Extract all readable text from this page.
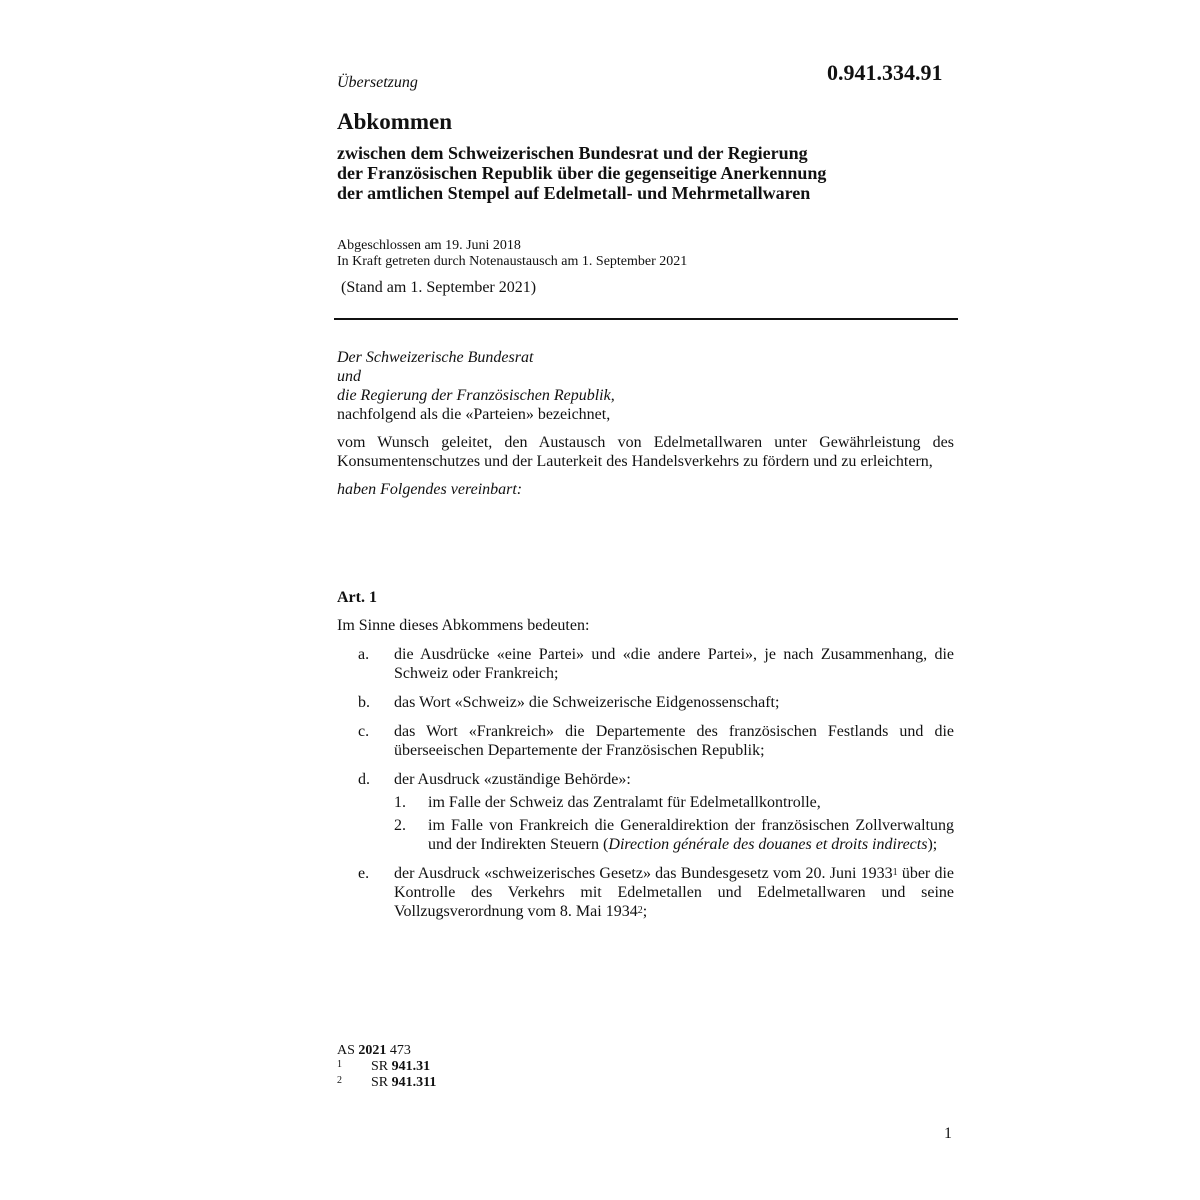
Übersetzung	0.941.334.91
Abkommen
zwischen dem Schweizerischen Bundesrat und der Regierung
der Französischen Republik über die gegenseitige Anerkennung
der amtlichen Stempel auf Edelmetall- und Mehrmetallwaren
Abgeschlossen am 19. Juni 2018
In Kraft getreten durch Notenaustausch am 1. September 2021
(Stand am 1. September 2021)
Der Schweizerische Bundesrat
und
die Regierung der Französischen Republik,
nachfolgend als die «Parteien» bezeichnet,
vom Wunsch geleitet, den Austausch von Edelmetallwaren unter Gewährleistung des Konsumentenschutzes und der Lauterkeit des Handelsverkehrs zu fördern und zu erleichtern,
haben Folgendes vereinbart:
Art. 1
Im Sinne dieses Abkommens bedeuten:
a. die Ausdrücke «eine Partei» und «die andere Partei», je nach Zusammenhang, die Schweiz oder Frankreich;
b. das Wort «Schweiz» die Schweizerische Eidgenossenschaft;
c. das Wort «Frankreich» die Departemente des französischen Festlands und die überseeischen Departemente der Französischen Republik;
d. der Ausdruck «zuständige Behörde»:
1. im Falle der Schweiz das Zentralamt für Edelmetallkontrolle,
2. im Falle von Frankreich die Generaldirektion der französischen Zollverwaltung und der Indirekten Steuern (Direction générale des douanes et droits indirects);
e. der Ausdruck «schweizerisches Gesetz» das Bundesgesetz vom 20. Juni 1933$^1$ über die Kontrolle des Verkehrs mit Edelmetallen und Edelmetallwaren und seine Vollzugsverordnung vom 8. Mai 1934$^2$;
AS 2021 473
1 SR 941.31
2 SR 941.311
1
